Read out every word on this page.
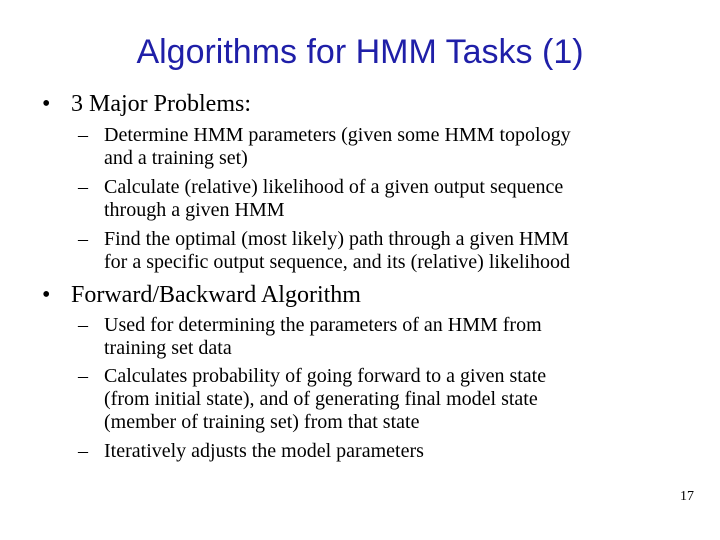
Algorithms for HMM Tasks (1)
• 3 Major Problems:
– Determine HMM parameters (given some HMM topology
and a training set)
– Calculate (relative) likelihood of a given output sequence
through a given HMM
– Find the optimal (most likely) path through a given HMM
for a specific output sequence, and its (relative) likelihood
• Forward/Backward Algorithm
– Used for determining the parameters of an HMM from
training set data
– Calculates probability of going forward to a given state
(from initial state), and of generating final model state
(member of training set) from that state
– Iteratively adjusts the model parameters
17
